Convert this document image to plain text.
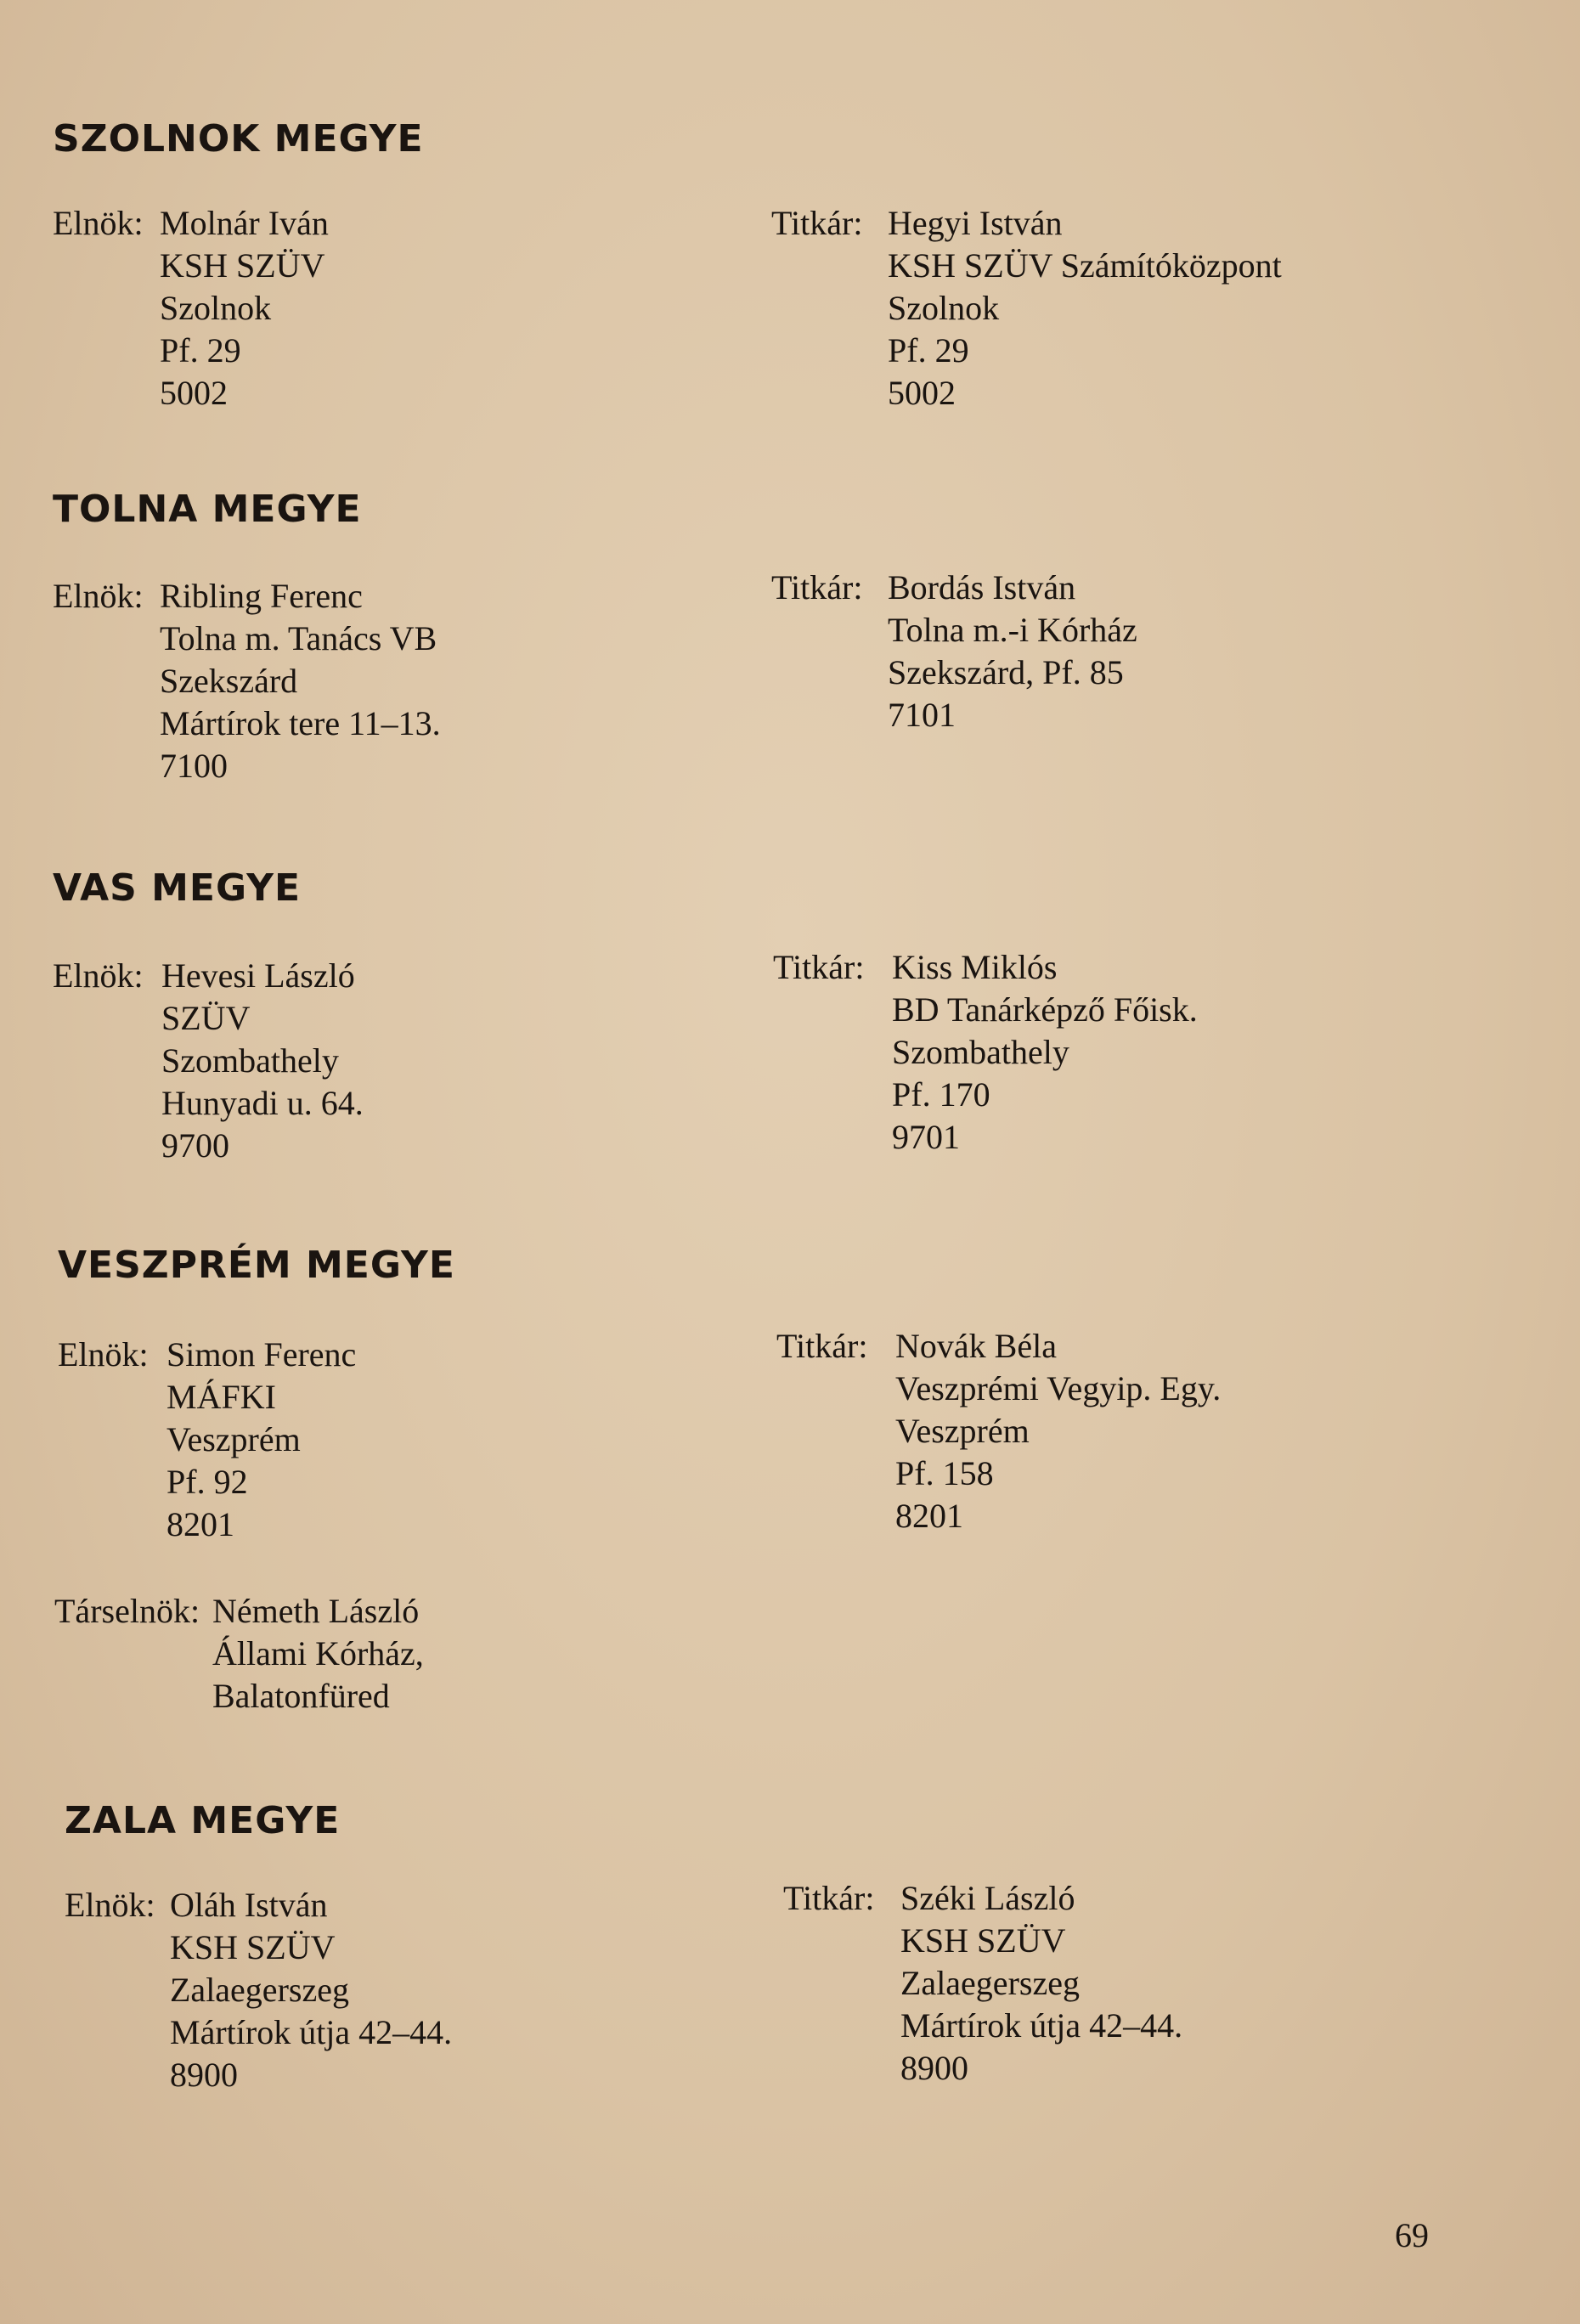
SZOLNOK MEGYE
Elnök: Molnár Iván
KSH SZÜV
Szolnok
Pf. 29
5002
Titkár: Hegyi István
KSH SZÜV Számítóközpont
Szolnok
Pf. 29
5002
TOLNA MEGYE
Elnök: Ribling Ferenc
Tolna m. Tanács VB
Szekszárd
Mártírok tere 11–13.
7100
Titkár: Bordás István
Tolna m.-i Kórház
Szekszárd, Pf. 85
7101
VAS MEGYE
Elnök: Hevesi László
SZÜV
Szombathely
Hunyadi u. 64.
9700
Titkár: Kiss Miklós
BD Tanárképző Főisk.
Szombathely
Pf. 170
9701
VESZPRÉM MEGYE
Elnök: Simon Ferenc
MÁFKI
Veszprém
Pf. 92
8201
Titkár: Novák Béla
Veszprémi Vegyip. Egy.
Veszprém
Pf. 158
8201
Társelnök: Németh László
Állami Kórház,
Balatonfüred
ZALA MEGYE
Elnök: Oláh István
KSH SZÜV
Zalaegerszeg
Mártírok útja 42–44.
8900
Titkár: Széki László
KSH SZÜV
Zalaegerszeg
Mártírok útja 42–44.
8900
69
